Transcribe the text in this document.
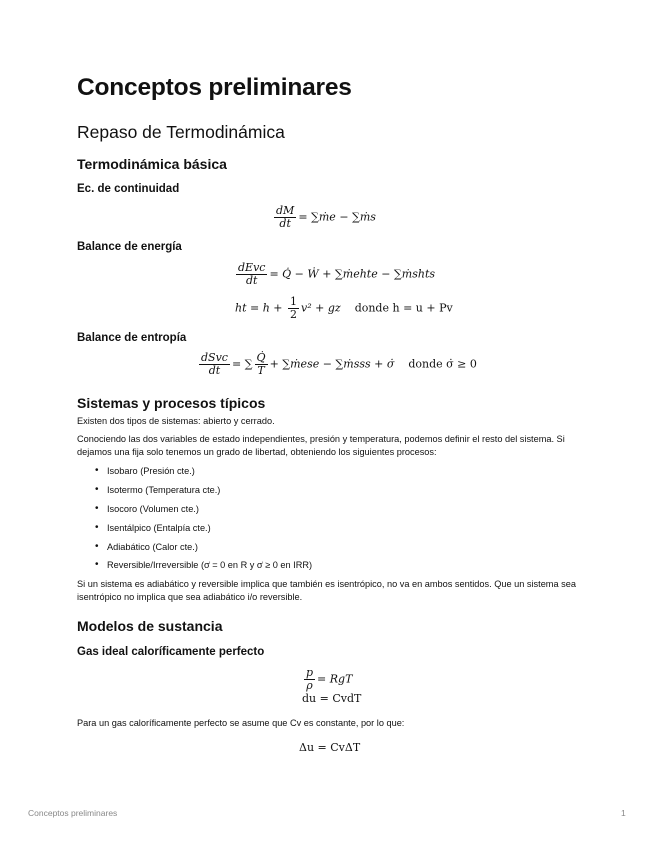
Conceptos preliminares
Repaso de Termodinámica
Termodinámica básica
Ec. de continuidad
$\frac{dM}{dt}$ = ∑ṁe − ∑ṁs
Balance de energía
$\frac{\text{dEvc}}{dt}$ = Q̇ − Ẇ + ∑ṁehte − ∑ṁshts
ht = $h + \frac{1}{2} v^2$ + gz donde h = u + Pv
Balance de entropía
$\frac{\text{dSvc}}{dt}$ = ∑ $\frac{Q̇}{T}$ + ∑ṁese − ∑ṁsss + σ̇ donde σ̇ ≥ 0
Sistemas y procesos típicos
Existen dos tipos de sistemas: abierto y cerrado.
Conociendo las dos variables de estado independientes, presión y temperatura, podemos definir el resto del sistema. Si dejamos una fija solo tenemos un grado de libertad, obteniendo los siguientes procesos:
• Isobaro (Presión cte.)
• Isotermo (Temperatura cte.)
• Isocoro (Volumen cte.)
• Isentálpico (Entalpía cte.)
• Adiabático (Calor cte.)
• Reversible/Irreversible (σ̇ = 0 en R y σ̇ ≥ 0 en IRR)
Si un sistema es adiabático y reversible implica que también es isentrópico, no va en ambos sentidos. Que un sistema sea isentrópico no implica que sea adiabático i/o reversible.
Modelos de sustancia
Gas ideal caloríficamente perfecto
$\frac{p}{\rho}$ = RgT
du = CvdT
Para un gas caloríficamente perfecto se asume que Cv es constante, por lo que:
Δu = CvΔT
Conceptos preliminares	1
